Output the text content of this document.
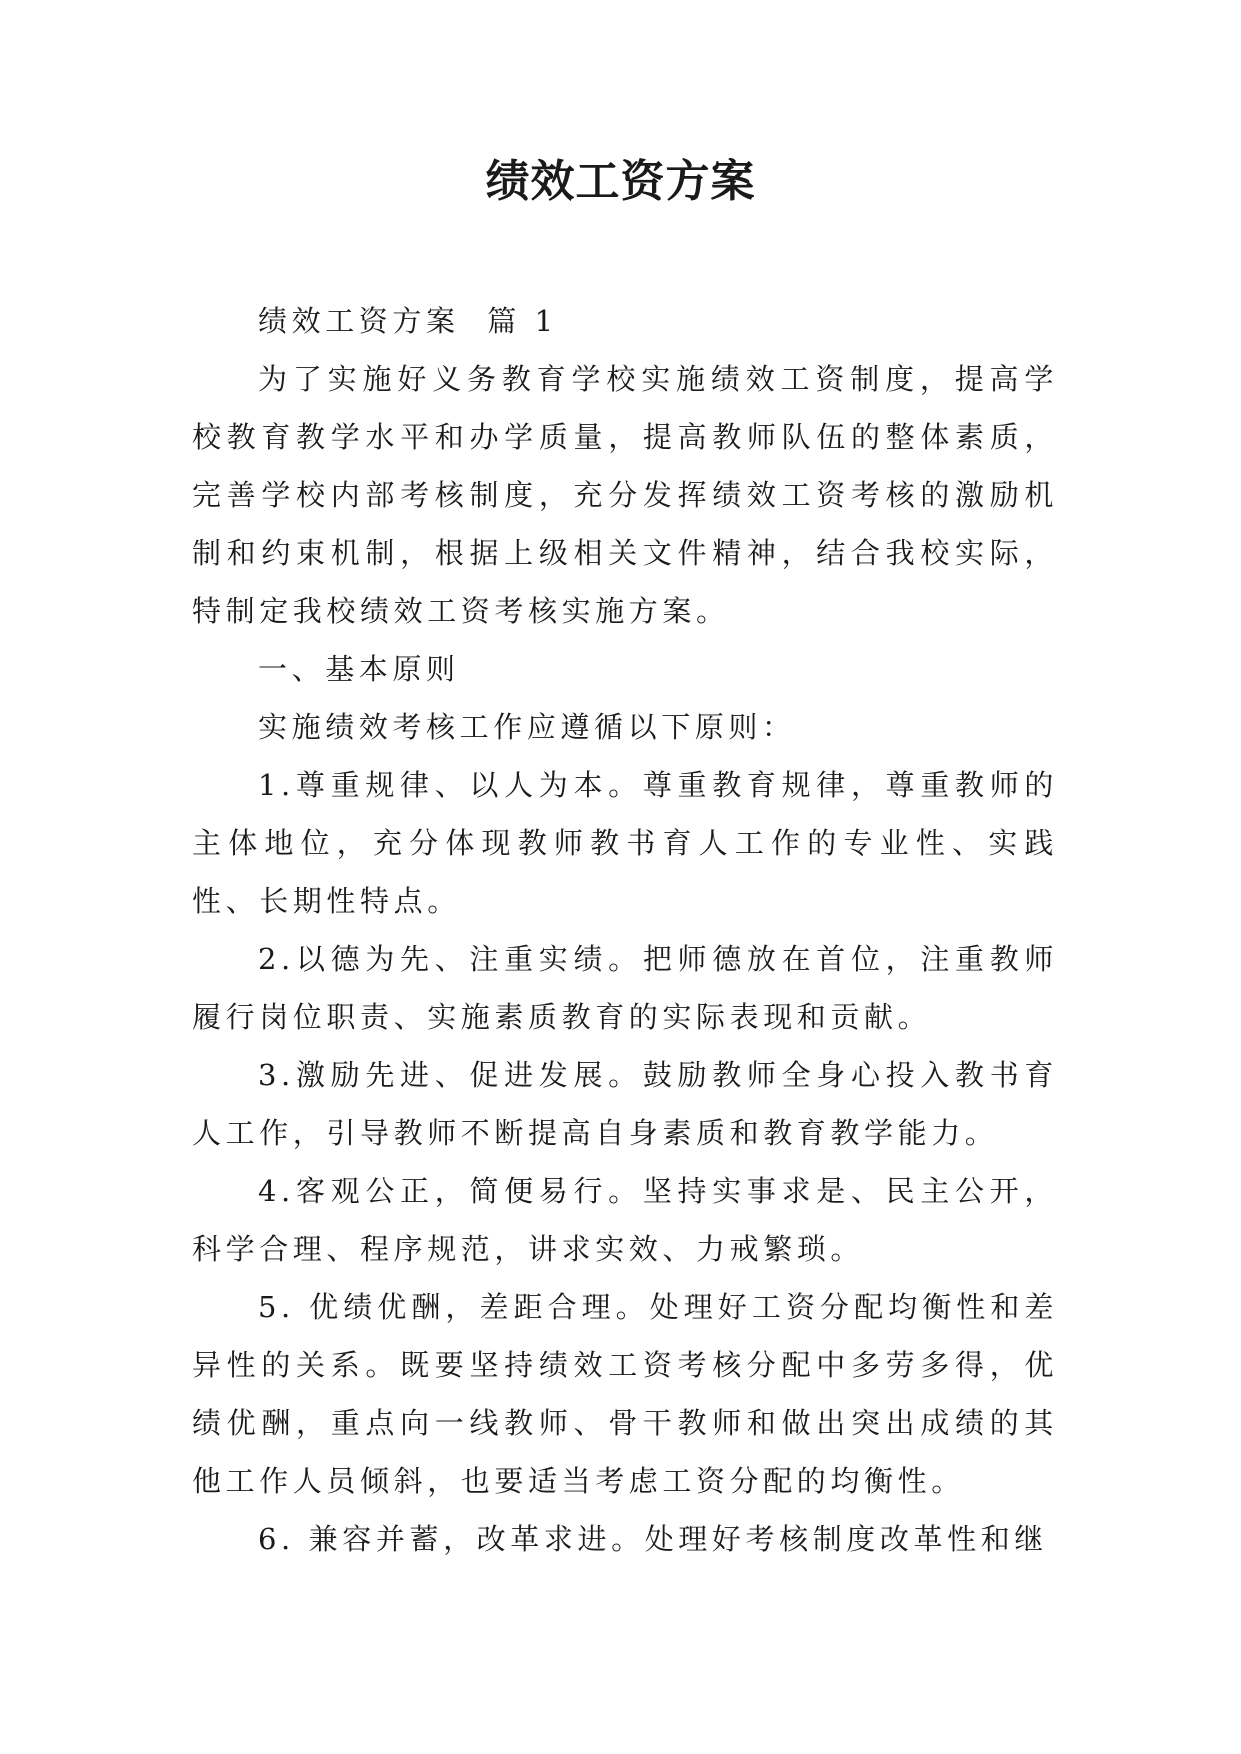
绩效工资方案

绩效工资方案  篇 1

为了实施好义务教育学校实施绩效工资制度，提高学校教育教学水平和办学质量，提高教师队伍的整体素质，完善学校内部考核制度，充分发挥绩效工资考核的激励机制和约束机制，根据上级相关文件精神，结合我校实际，特制定我校绩效工资考核实施方案。

一、基本原则

实施绩效考核工作应遵循以下原则：

1.尊重规律、以人为本。尊重教育规律，尊重教师的主体地位，充分体现教师教书育人工作的专业性、实践性、长期性特点。

2.以德为先、注重实绩。把师德放在首位，注重教师履行岗位职责、实施素质教育的实际表现和贡献。

3.激励先进、促进发展。鼓励教师全身心投入教书育人工作，引导教师不断提高自身素质和教育教学能力。

4.客观公正，简便易行。坚持实事求是、民主公开，科学合理、程序规范，讲求实效、力戒繁琐。

5. 优绩优酬，差距合理。处理好工资分配均衡性和差异性的关系。既要坚持绩效工资考核分配中多劳多得，优绩优酬，重点向一线教师、骨干教师和做出突出成绩的其他工作人员倾斜，也要适当考虑工资分配的均衡性。

6. 兼容并蓄，改革求进。处理好考核制度改革性和继
